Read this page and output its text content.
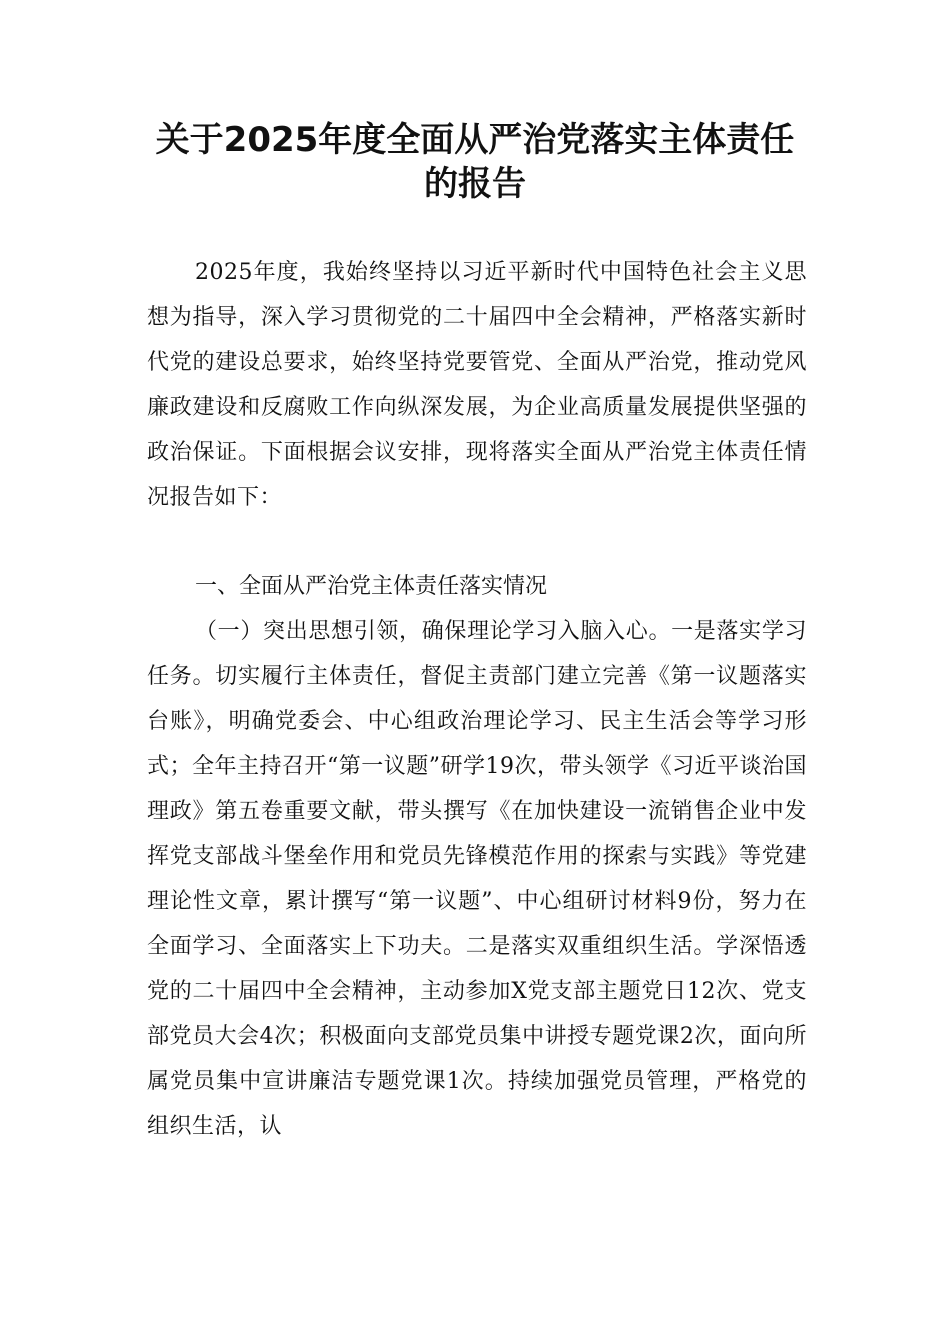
关于2025年度全面从严治党落实主体责任
的报告

2025年度，我始终坚持以习近平新时代中国特色社会主义思想为指导，深入学习贯彻党的二十届四中全会精神，严格落实新时代党的建设总要求，始终坚持党要管党、全面从严治党，推动党风廉政建设和反腐败工作向纵深发展，为企业高质量发展提供坚强的政治保证。下面根据会议安排，现将落实全面从严治党主体责任情况报告如下：

一、全面从严治党主体责任落实情况

（一）突出思想引领，确保理论学习入脑入心。一是落实学习任务。切实履行主体责任，督促主责部门建立完善《第一议题落实台账》，明确党委会、中心组政治理论学习、民主生活会等学习形式；全年主持召开“第一议题”研学19次，带头领学《习近平谈治国理政》第五卷重要文献，带头撰写《在加快建设一流销售企业中发挥党支部战斗堡垒作用和党员先锋模范作用的探索与实践》等党建理论性文章，累计撰写“第一议题”、中心组研讨材料9份，努力在全面学习、全面落实上下功夫。二是落实双重组织生活。学深悟透党的二十届四中全会精神，主动参加X党支部主题党日12次、党支部党员大会4次；积极面向支部党员集中讲授专题党课2次，面向所属党员集中宣讲廉洁专题党课1次。持续加强党员管理，严格党的组织生活，认
